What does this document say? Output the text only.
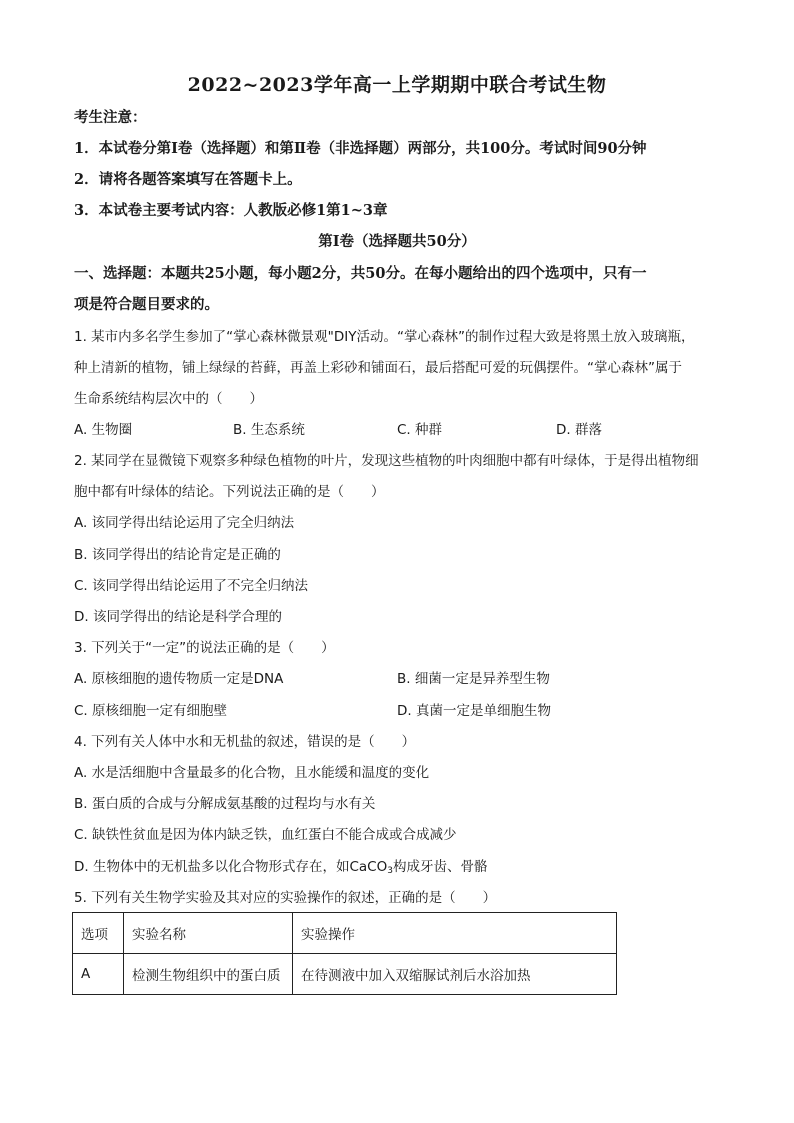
2022~2023学年高一上学期期中联合考试生物
考生注意：
1．本试卷分第Ⅰ卷（选择题）和第Ⅱ卷（非选择题）两部分，共100分。考试时间90分钟
2．请将各题答案填写在答题卡上。
3．本试卷主要考试内容：人教版必修1第1~3章
第Ⅰ卷（选择题共50分）
一、选择题：本题共25小题，每小题2分，共50分。在每小题给出的四个选项中，只有一
项是符合题目要求的。
1. 某市内多名学生参加了“掌心森林微景观"DIY活动。“掌心森林”的制作过程大致是将黑土放入玻璃瓶，
种上清新的植物，铺上绿绿的苔藓，再盖上彩砂和铺面石，最后搭配可爱的玩偶摆件。“掌心森林”属于
生命系统结构层次中的（　　）
A. 生物圈	B. 生态系统	C. 种群	D. 群落
2. 某同学在显微镜下观察多种绿色植物的叶片，发现这些植物的叶肉细胞中都有叶绿体，于是得出植物细
胞中都有叶绿体的结论。下列说法正确的是（　　）
A. 该同学得出结论运用了完全归纳法
B. 该同学得出的结论肯定是正确的
C. 该同学得出结论运用了不完全归纳法
D. 该同学得出的结论是科学合理的
3. 下列关于“一定”的说法正确的是（　　）
A. 原核细胞的遗传物质一定是DNA	B. 细菌一定是异养型生物
C. 原核细胞一定有细胞壁	D. 真菌一定是单细胞生物
4. 下列有关人体中水和无机盐的叙述，错误的是（　　）
A. 水是活细胞中含量最多的化合物，且水能缓和温度的变化
B. 蛋白质的合成与分解成氨基酸的过程均与水有关
C. 缺铁性贫血是因为体内缺乏铁，血红蛋白不能合成或合成减少
D. 生物体中的无机盐多以化合物形式存在，如CaCO$_3$构成牙齿、骨骼
5. 下列有关生物学实验及其对应的实验操作的叙述，正确的是（　　）
选项	实验名称	实验操作
A	检测生物组织中的蛋白质	在待测液中加入双缩脲试剂后水浴加热
